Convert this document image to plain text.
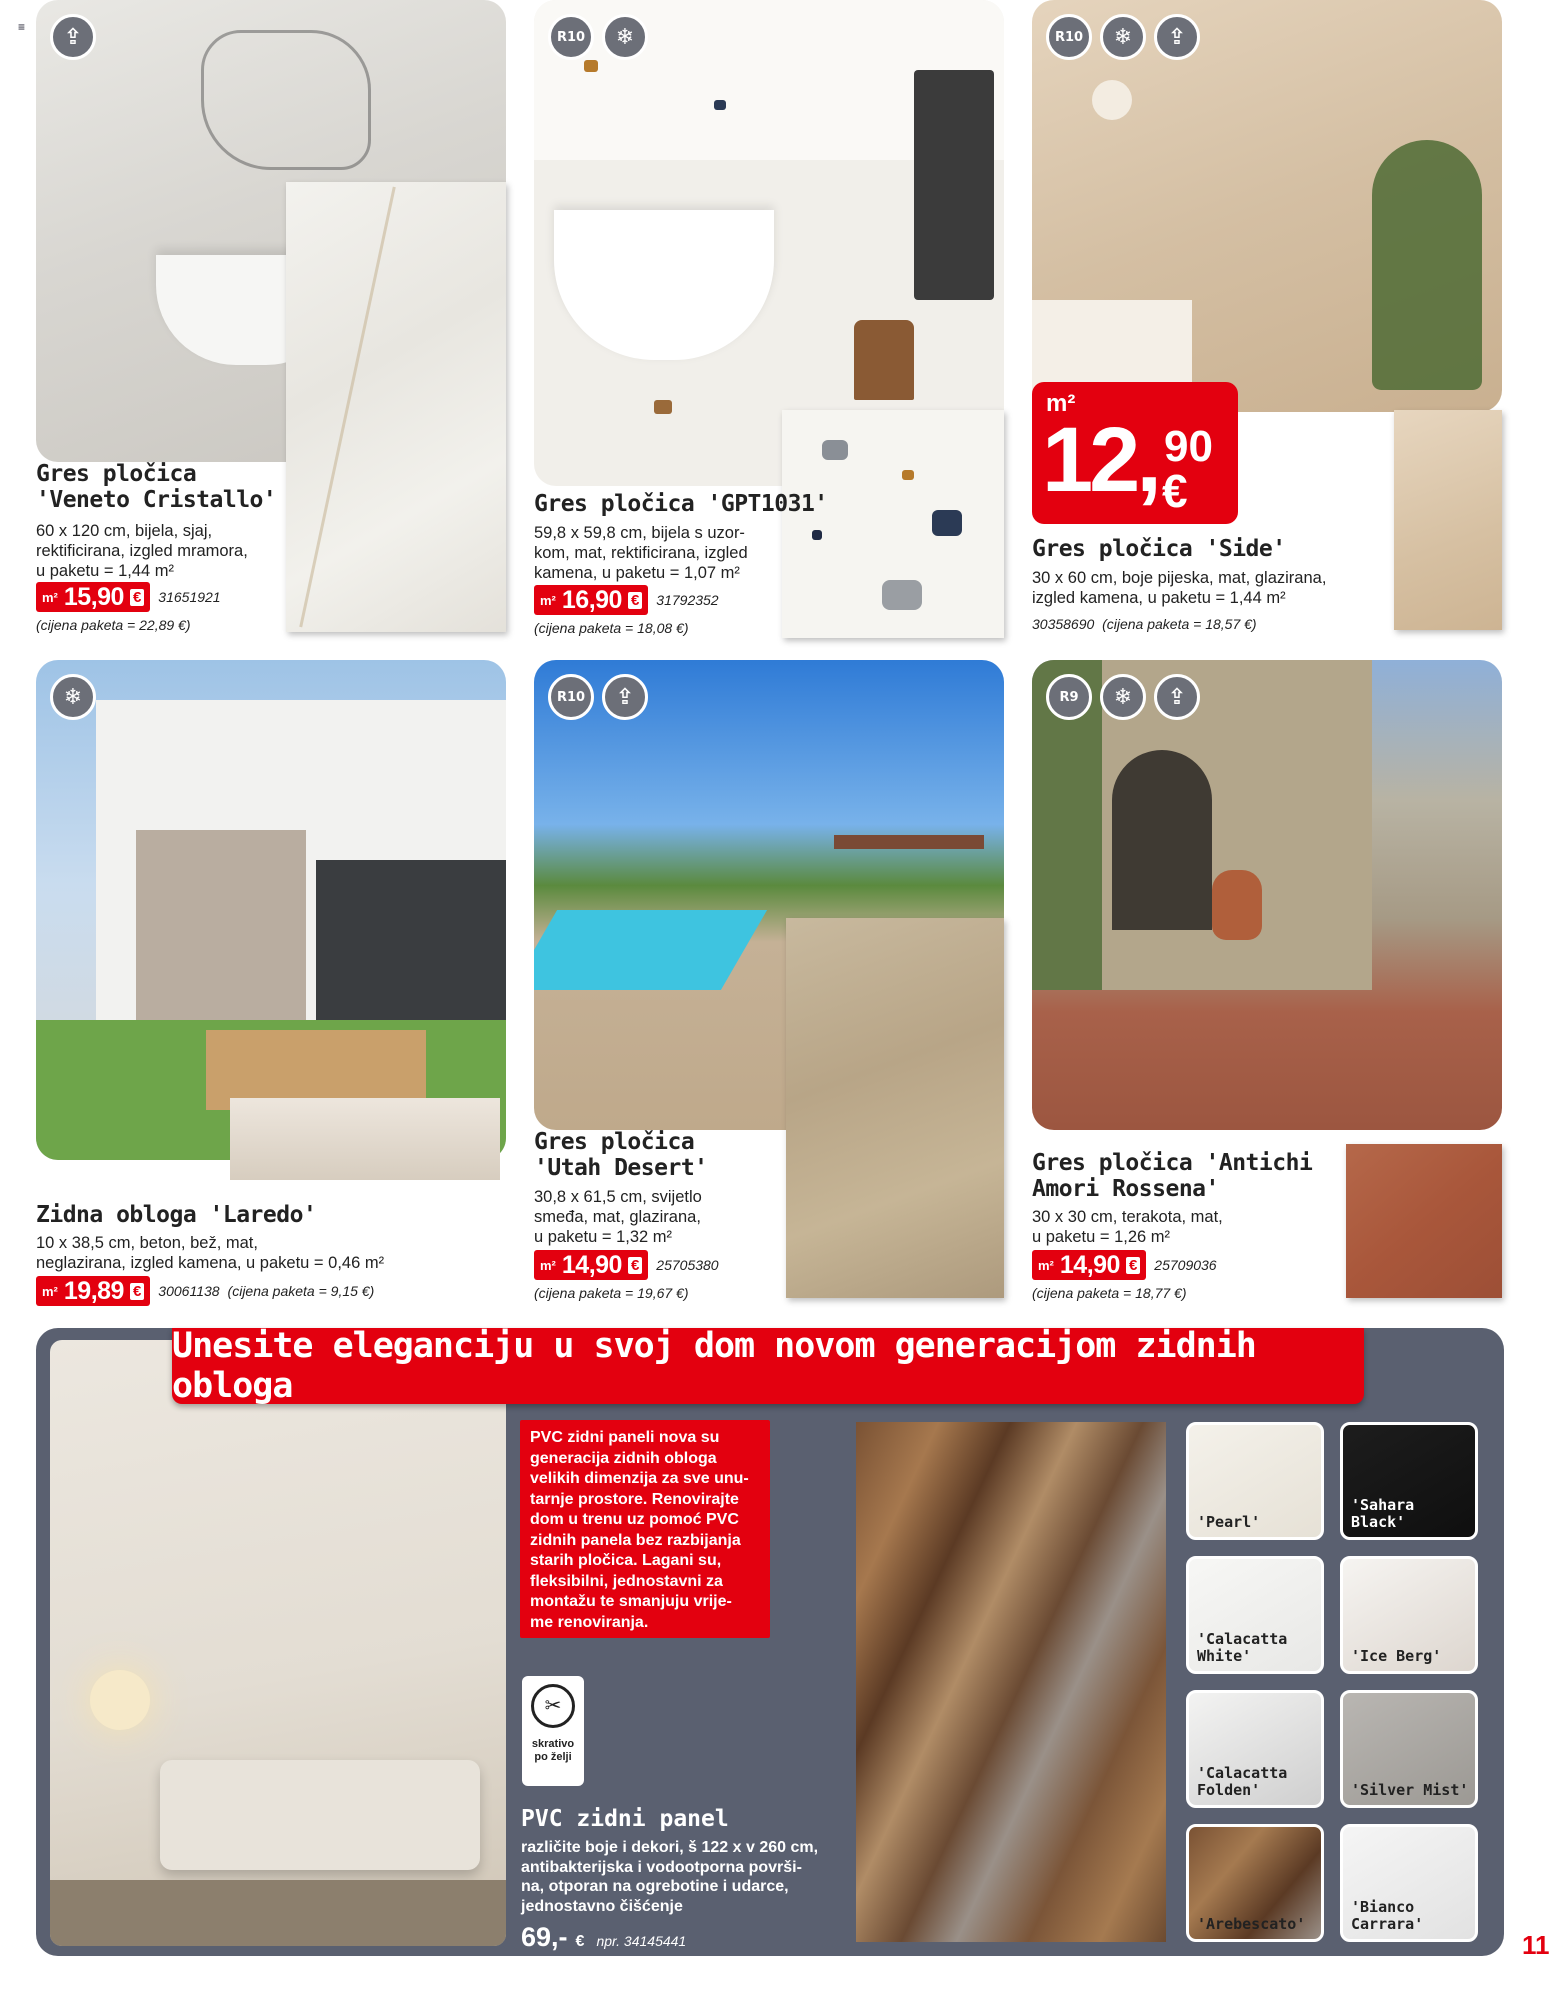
≡	⇪
Gres pločica
'Veneto Cristallo'
60 x 120 cm, bijela, sjaj,
rektificirana, izgled mramora,
u paketu = 1,44 m²
m² 15,90 € 31651921
(cijena paketa = 22,89 €)
R10	❄
Gres pločica 'GPT1031'
59,8 x 59,8 cm, bijela s uzor-
kom, mat, rektificirana, izgled
kamena, u paketu = 1,07 m²
m² 16,90 € 31792352
(cijena paketa = 18,08 €)
R10	❄	⇪
m²
12, 90
€
Gres pločica 'Side'
30 x 60 cm, boje pijeska, mat, glazirana,
izgled kamena, u paketu = 1,44 m²
30358690 (cijena paketa = 18,57 €)
❄
Zidna obloga 'Laredo'
10 x 38,5 cm, beton, bež, mat,
neglazirana, izgled kamena, u paketu = 0,46 m²
m² 19,89 € 30061138 (cijena paketa = 9,15 €)
R10	⇪
Gres pločica
'Utah Desert'
30,8 x 61,5 cm, svijetlo
smeđa, mat, glazirana,
u paketu = 1,32 m²
m² 14,90 € 25705380
(cijena paketa = 19,67 €)
R9	❄	⇪
Gres pločica 'Antichi
Amori Rossena'
30 x 30 cm, terakota, mat,
u paketu = 1,26 m²
m² 14,90 € 25709036
(cijena paketa = 18,77 €)
Unesite eleganciju u svoj dom novom generacijom zidnih obloga
PVC zidni paneli nova su
generacija zidnih obloga
velikih dimenzija za sve unu-
tarnje prostore. Renovirajte
dom u trenu uz pomoć PVC
zidnih panela bez razbijanja
starih pločica. Lagani su,
fleksibilni, jednostavni za
montažu te smanjuju vrije-
me renoviranja.
✂
skrativo
po želji
PVC zidni panel
različite boje i dekori, š 122 x v 260 cm,
antibakterijska i vodootporna površi-
na, otporan na ogrebotine i udarce,
jednostavno čišćenje
69,- € npr. 34145441
'Pearl'
'Sahara Black'
'Calacatta White'	'Ice Berg'
'Calacatta Folden'	'Silver Mist'
'Arebescato'
'Bianco Carrara'
11
